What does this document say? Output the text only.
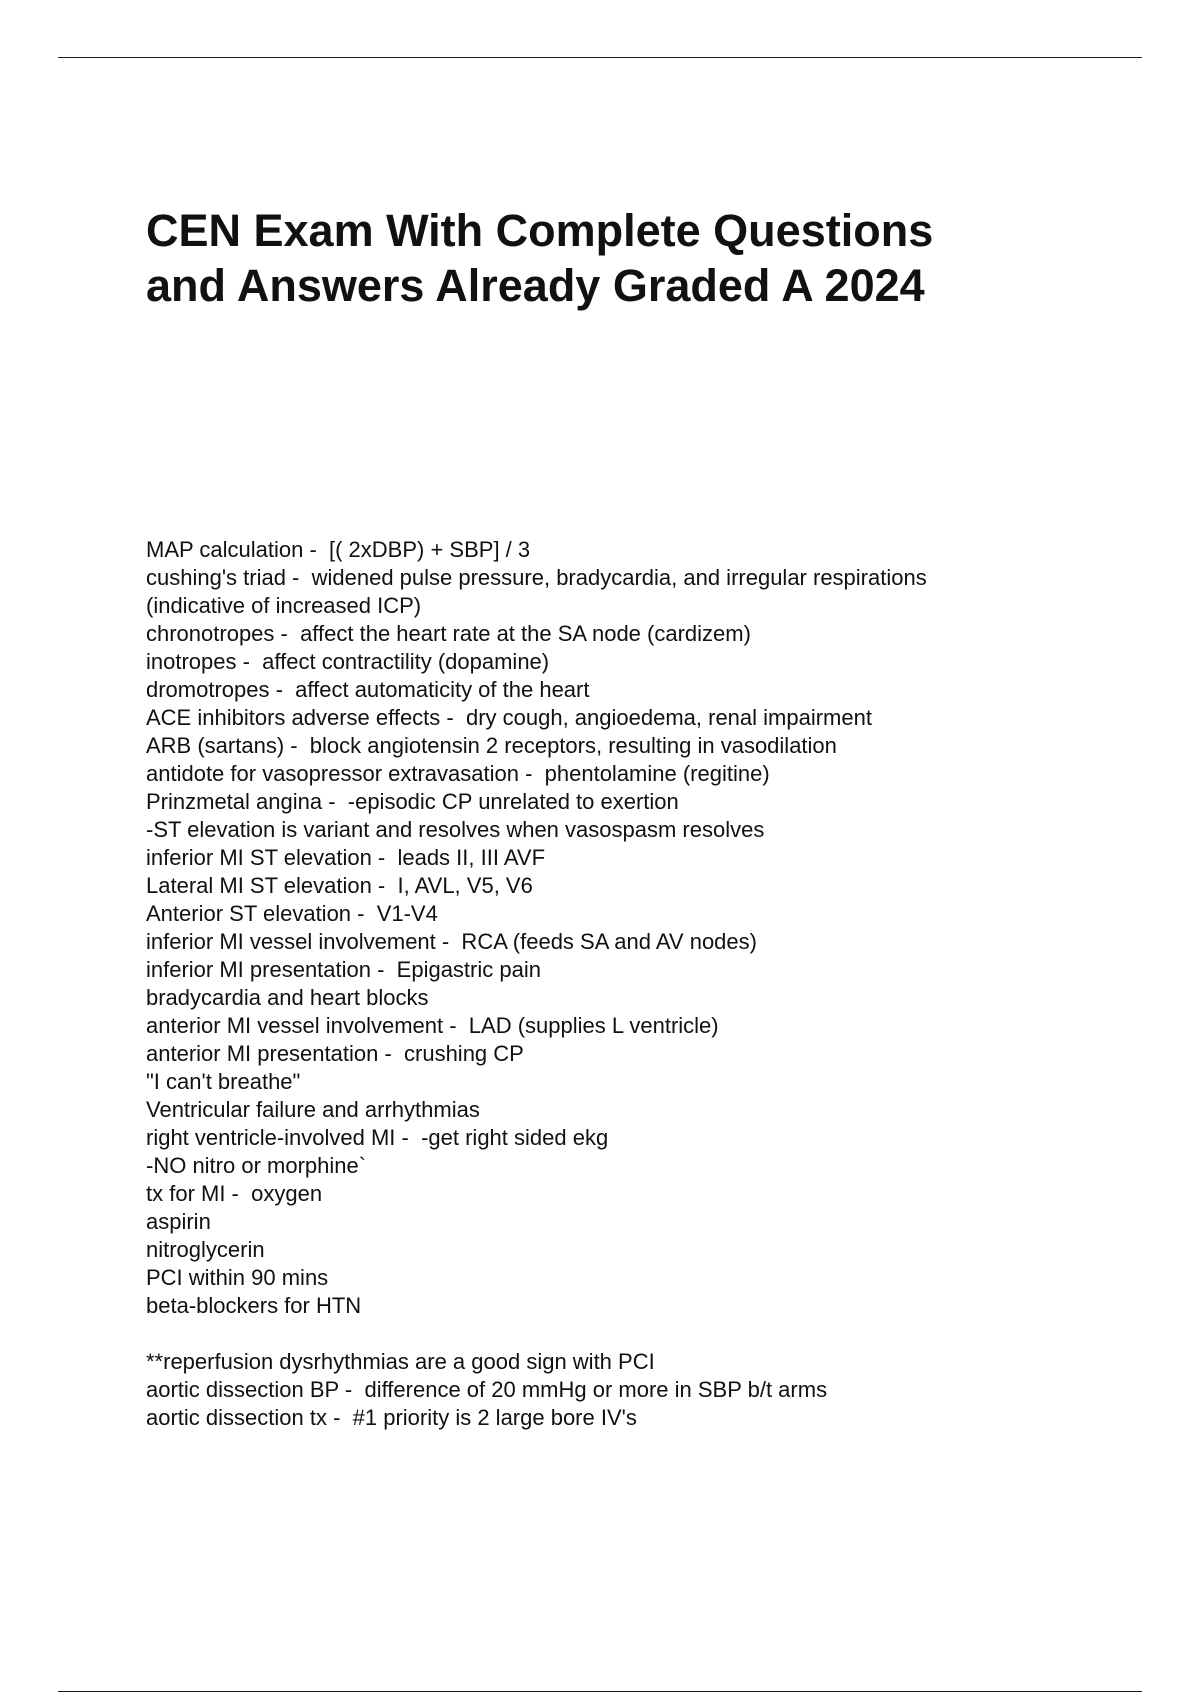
CEN Exam With Complete Questions
and Answers Already Graded A 2024
MAP calculation -  [( 2xDBP) + SBP] / 3
cushing's triad -  widened pulse pressure, bradycardia, and irregular respirations
(indicative of increased ICP)
chronotropes -  affect the heart rate at the SA node (cardizem)
inotropes -  affect contractility (dopamine)
dromotropes -  affect automaticity of the heart
ACE inhibitors adverse effects -  dry cough, angioedema, renal impairment
ARB (sartans) -  block angiotensin 2 receptors, resulting in vasodilation
antidote for vasopressor extravasation -  phentolamine (regitine)
Prinzmetal angina -  -episodic CP unrelated to exertion
-ST elevation is variant and resolves when vasospasm resolves
inferior MI ST elevation -  leads II, III AVF
Lateral MI ST elevation -  I, AVL, V5, V6
Anterior ST elevation -  V1-V4
inferior MI vessel involvement -  RCA (feeds SA and AV nodes)
inferior MI presentation -  Epigastric pain
bradycardia and heart blocks
anterior MI vessel involvement -  LAD (supplies L ventricle)
anterior MI presentation -  crushing CP
"I can't breathe"
Ventricular failure and arrhythmias
right ventricle-involved MI -  -get right sided ekg
-NO nitro or morphine`
tx for MI -  oxygen
aspirin
nitroglycerin
PCI within 90 mins
beta-blockers for HTN
**reperfusion dysrhythmias are a good sign with PCI
aortic dissection BP -  difference of 20 mmHg or more in SBP b/t arms
aortic dissection tx -  #1 priority is 2 large bore IV's
